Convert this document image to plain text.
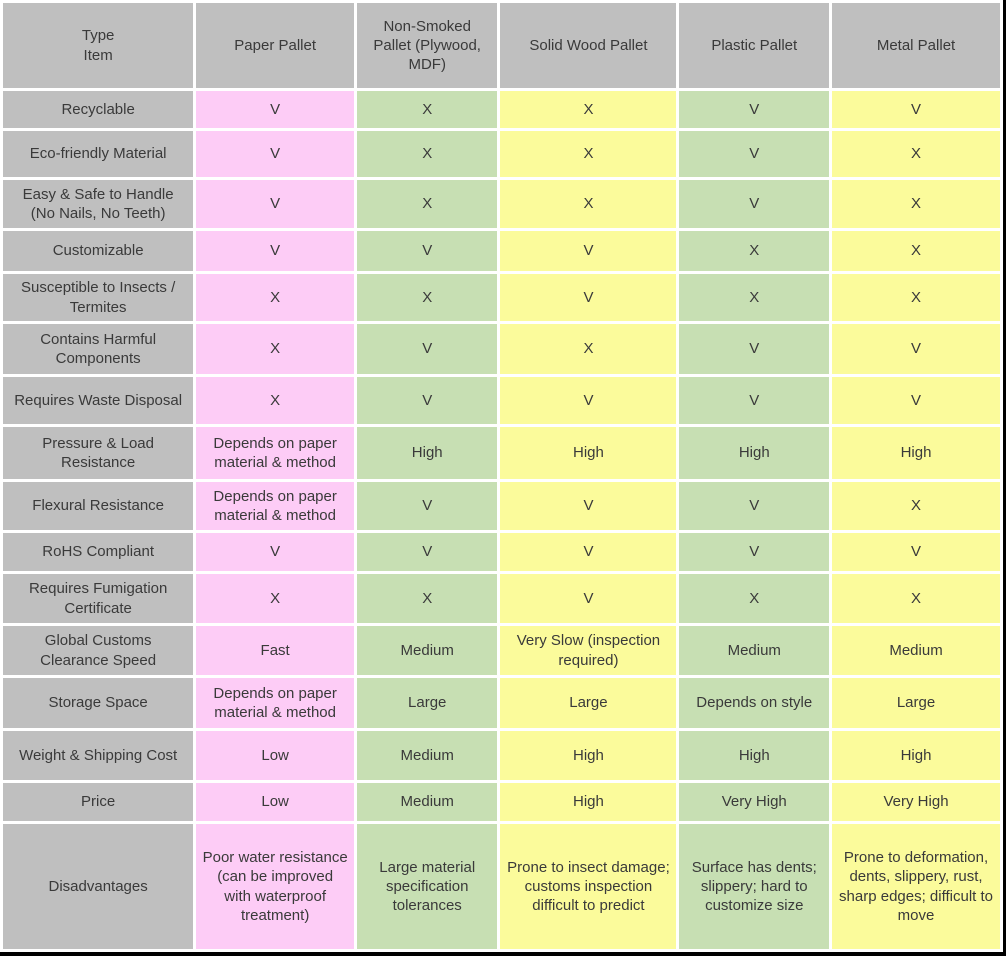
Type
Item	Paper Pallet	Non-Smoked Pallet (Plywood, MDF)	Solid Wood Pallet	Plastic Pallet	Metal Pallet
Recyclable	V	X	X	V	V
Eco-friendly Material	V	X	X	V	X
Easy & Safe to Handle (No Nails, No Teeth)	V	X	X	V	X
Customizable	V	V	V	X	X
Susceptible to Insects / Termites	X	X	V	X	X
Contains Harmful Components	X	V	X	V	V
Requires Waste Disposal	X	V	V	V	V
Pressure & Load Resistance	Depends on paper material & method	High	High	High	High
Flexural Resistance	Depends on paper material & method	V	V	V	X
RoHS Compliant	V	V	V	V	V
Requires Fumigation Certificate	X	X	V	X	X
Global Customs Clearance Speed	Fast	Medium	Very Slow (inspection required)	Medium	Medium
Storage Space	Depends on paper material & method	Large	Large	Depends on style	Large
Weight & Shipping Cost	Low	Medium	High	High	High
Price	Low	Medium	High	Very High	Very High
Disadvantages	Poor water resistance (can be improved with waterproof treatment)	Large material specification tolerances	Prone to insect damage; customs inspection difficult to predict	Surface has dents; slippery; hard to customize size	Prone to deformation, dents, slippery, rust, sharp edges; difficult to move
